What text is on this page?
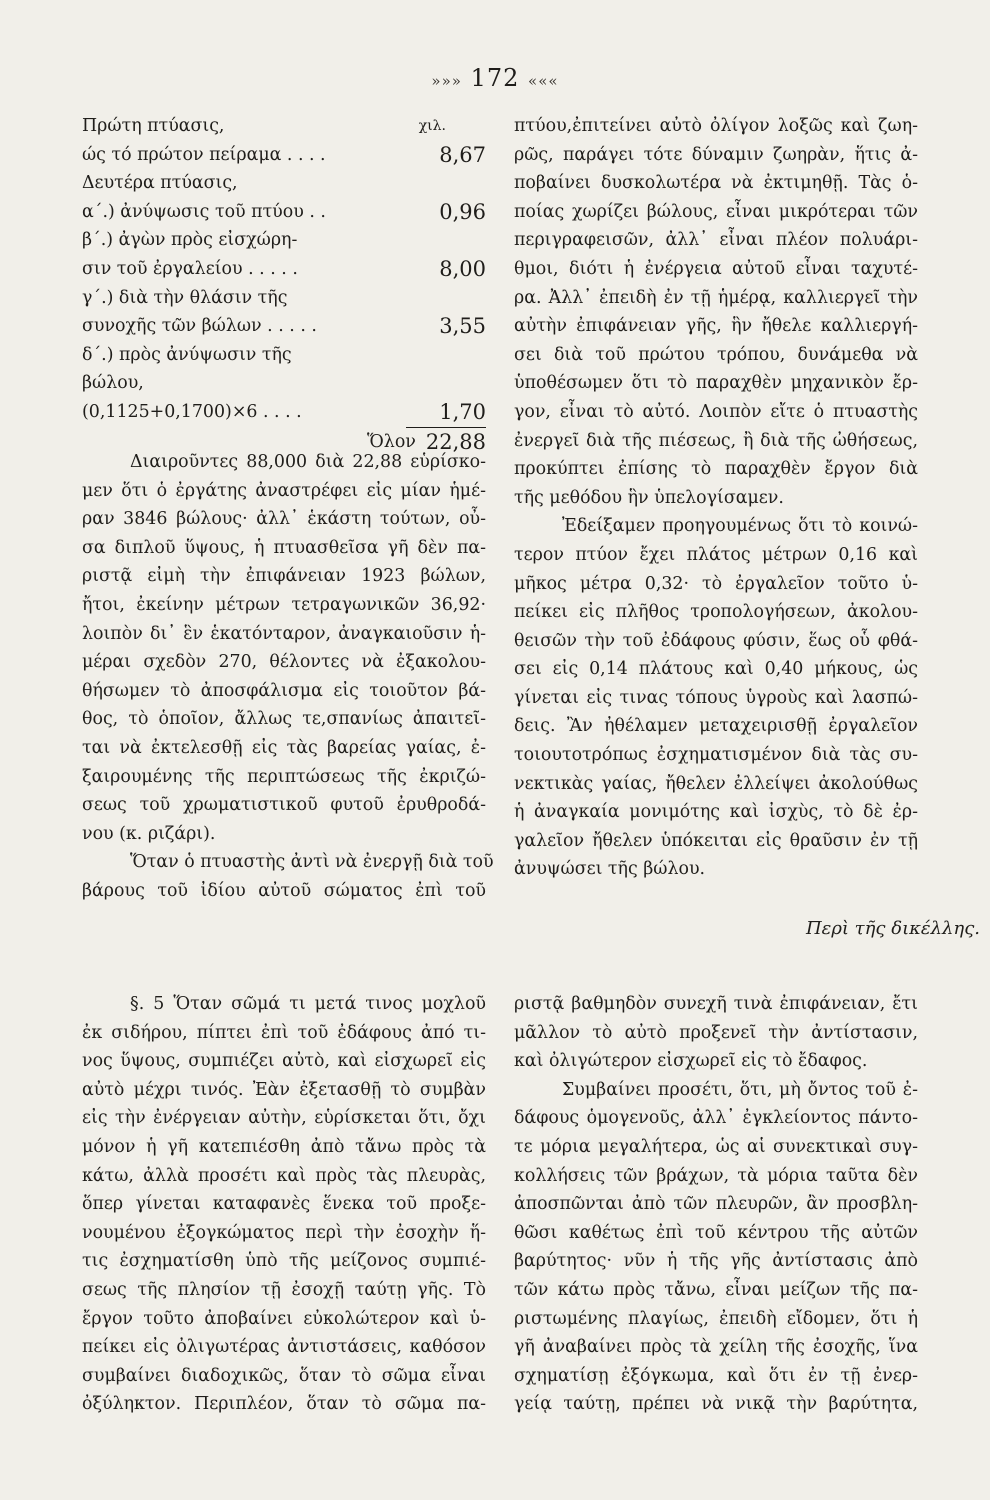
»»» 172 «««
Πρώτη πτύασις,	χιλ.
ώς τό πρώτον πείραμα . . . .	8,67
Δευτέρα πτύασις,
α΄.) ἀνύψωσις τοῦ πτύου . .	0,96
β΄.) ἀγὼν πρὸς εἰσχώρη-
σιν τοῦ ἐργαλείου . . . . .	8,00
γ΄.) διὰ τὴν θλάσιν τῆς
συνοχῆς τῶν βώλων . . . . .	3,55
δ΄.) πρὸς ἀνύψωσιν τῆς
βώλου,
(0,1125+0,1700)×6 . . . .	1,70
Ὅλον 22,88
Διαιροῦντες 88,000 διὰ 22,88 εὑρίσκο-
μεν ὅτι ὁ ἐργάτης ἀναστρέφει εἰς μίαν ἡμέ-
ραν 3846 βώλους· ἀλλ᾿ ἑκάστη τούτων, οὖ-
σα διπλοῦ ὕψους, ἡ πτυασθεῖσα γῆ δὲν πα-
ριστᾷ εἰμὴ τὴν ἐπιφάνειαν 1923 βώλων,
ἤτοι, ἐκείνην μέτρων τετραγωνικῶν 36,92·
λοιπὸν δι᾿ ἓν ἑκατόνταρον, ἀναγκαιοῦσιν ἡ-
μέραι σχεδὸν 270, θέλοντες νὰ ἐξακολου-
θήσωμεν τὸ ἀποσφάλισμα εἰς τοιοῦτον βά-
θος, τὸ ὁποῖον, ἄλλως τε,σπανίως ἀπαιτεῖ-
ται νὰ ἐκτελεσθῇ εἰς τὰς βαρείας γαίας, ἐ-
ξαιρουμένης τῆς περιπτώσεως τῆς ἐκριζώ-
σεως τοῦ χρωματιστικοῦ φυτοῦ ἐρυθροδά-
νου (κ. ριζάρι).
Ὅταν ὁ πτυαστὴς ἀντὶ νὰ ἐνεργῇ διὰ τοῦ
βάρους τοῦ ἰδίου αὐτοῦ σώματος ἐπὶ τοῦ
πτύου,ἐπιτείνει αὐτὸ ὀλίγον λοξῶς καὶ ζωη-
ρῶς, παράγει τότε δύναμιν ζωηρὰν, ἥτις ἀ-
ποβαίνει δυσκολωτέρα νὰ ἐκτιμηθῇ. Τὰς ὁ-
ποίας χωρίζει βώλους, εἶναι μικρότεραι τῶν
περιγραφεισῶν, ἀλλ᾿ εἶναι πλέον πολυάρι-
θμοι, διότι ἡ ἐνέργεια αὐτοῦ εἶναι ταχυτέ-
ρα. Ἀλλ᾿ ἐπειδὴ ἐν τῇ ἡμέρᾳ, καλλιεργεῖ τὴν
αὐτὴν ἐπιφάνειαν γῆς, ἣν ἤθελε καλλιεργή-
σει διὰ τοῦ πρώτου τρόπου, δυνάμεθα νὰ
ὑποθέσωμεν ὅτι τὸ παραχθὲν μηχανικὸν ἔρ-
γον, εἶναι τὸ αὐτό. Λοιπὸν εἴτε ὁ πτυαστὴς
ἐνεργεῖ διὰ τῆς πιέσεως, ἢ διὰ τῆς ὠθήσεως,
προκύπτει ἐπίσης τὸ παραχθὲν ἔργον διὰ
τῆς μεθόδου ἣν ὑπελογίσαμεν.
Ἐδείξαμεν προηγουμένως ὅτι τὸ κοινώ-
τερον πτύον ἔχει πλάτος μέτρων 0,16 καὶ
μῆκος μέτρα 0,32· τὸ ἐργαλεῖον τοῦτο ὑ-
πείκει εἰς πλῆθος τροπολογήσεων, ἀκολου-
θεισῶν τὴν τοῦ ἐδάφους φύσιν, ἕως οὗ φθά-
σει εἰς 0,14 πλάτους καὶ 0,40 μήκους, ὡς
γίνεται εἰς τινας τόπους ὑγροὺς καὶ λασπώ-
δεις. Ἂν ἠθέλαμεν μεταχειρισθῇ ἐργαλεῖον
τοιουτοτρόπως ἐσχηματισμένον διὰ τὰς συ-
νεκτικὰς γαίας, ἤθελεν ἐλλείψει ἀκολούθως
ἡ ἀναγκαία μονιμότης καὶ ἰσχὺς, τὸ δὲ ἐρ-
γαλεῖον ἤθελεν ὑπόκειται εἰς θραῦσιν ἐν τῇ
ἀνυψώσει τῆς βώλου.
Περὶ τῆς δικέλλης.
§. 5 Ὅταν σῶμά τι μετά τινος μοχλοῦ
ἐκ σιδήρου, πίπτει ἐπὶ τοῦ ἐδάφους ἀπό τι-
νος ὕψους, συμπιέζει αὐτὸ, καὶ εἰσχωρεῖ εἰς
αὐτὸ μέχρι τινός. Ἐὰν ἐξετασθῇ τὸ συμβὰν
εἰς τὴν ἐνέργειαν αὐτὴν, εὑρίσκεται ὅτι, ὄχι
μόνον ἡ γῆ κατεπιέσθη ἀπὸ τἄνω πρὸς τὰ
κάτω, ἀλλὰ προσέτι καὶ πρὸς τὰς πλευρὰς,
ὅπερ γίνεται καταφανὲς ἕνεκα τοῦ προξε-
νουμένου ἐξογκώματος περὶ τὴν ἐσοχὴν ἥ-
τις ἐσχηματίσθη ὑπὸ τῆς μείζονος συμπιέ-
σεως τῆς πλησίον τῇ ἐσοχῇ ταύτῃ γῆς. Τὸ
ἔργον τοῦτο ἀποβαίνει εὐκολώτερον καὶ ὑ-
πείκει εἰς ὀλιγωτέρας ἀντιστάσεις, καθόσον
συμβαίνει διαδοχικῶς, ὅταν τὸ σῶμα εἶναι
ὀξύληκτον. Περιπλέον, ὅταν τὸ σῶμα πα-
ριστᾷ βαθμηδὸν συνεχῆ τινὰ ἐπιφάνειαν, ἔτι
μᾶλλον τὸ αὐτὸ προξενεῖ τὴν ἀντίστασιν,
καὶ ὀλιγώτερον εἰσχωρεῖ εἰς τὸ ἔδαφος.
Συμβαίνει προσέτι, ὅτι, μὴ ὄντος τοῦ ἐ-
δάφους ὁμογενοῦς, ἀλλ᾿ ἐγκλείοντος πάντο-
τε μόρια μεγαλήτερα, ὡς αἱ συνεκτικαὶ συγ-
κολλήσεις τῶν βράχων, τὰ μόρια ταῦτα δὲν
ἀποσπῶνται ἀπὸ τῶν πλευρῶν, ἂν προσβλη-
θῶσι καθέτως ἐπὶ τοῦ κέντρου τῆς αὐτῶν
βαρύτητος· νῦν ἡ τῆς γῆς ἀντίστασις ἀπὸ
τῶν κάτω πρὸς τἄνω, εἶναι μείζων τῆς πα-
ριστωμένης πλαγίως, ἐπειδὴ εἴδομεν, ὅτι ἡ
γῆ ἀναβαίνει πρὸς τὰ χείλη τῆς ἐσοχῆς, ἵνα
σχηματίσῃ ἐξόγκωμα, καὶ ὅτι ἐν τῇ ἐνερ-
γείᾳ ταύτῃ, πρέπει νὰ νικᾷ τὴν βαρύτητα,
